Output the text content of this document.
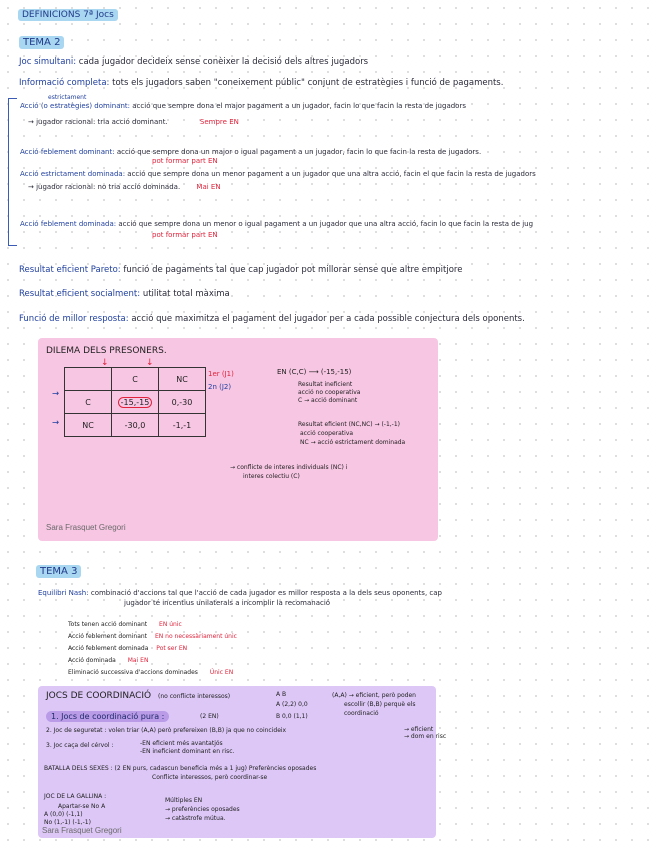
DEFINICIONS 7ª Jocs
TEMA 2
Joc simultani: cada jugador decideix sense conèixer la decisió dels altres jugadors
Informació completa: tots els jugadors saben "coneixement públic" conjunt de estratègies i funció de pagaments.
estrictament
Acció (o estratègies) dominant: acció que sempre dona el major pagament a un jugador, facin lo que facin la resta de jugadors
→ jugador racional: tria acció dominant.	Sempre EN
Acció feblement dominant: acció que sempre dona un major o igual pagament a un jugador, facin lo que facin la resta de jugadors.
pot formar part EN
Acció estrictament dominada: acció que sempre dona un menor pagament a un jugador que una altra acció, facin el que facin la resta de jugadors
→ jugador racional: no tria acció dominada. Mai EN
Acció feblement dominada: acció que sempre dona un menor o igual pagament a un jugador que una altra acció, facin lo que facin la resta de jug
pot formar part EN
Resultat eficient Pareto: funció de pagaments tal que cap jugador pot millorar sense que altre empitjore
Resultat eficient socialment: utilitat total màxima
Funció de millor resposta: acció que maximitza el pagament del jugador per a cada possible conjectura dels oponents.
DILEMA DELS PRESONERS.
↓	↓
	C	NC
C	-15,-15	0,-30
NC	-30,0	-1,-1
→
→
1er (J1)
2n (J2)
EN (C,C) ⟶ (-15,-15)
Resultat ineficient
acció no cooperativa
C → acció dominant
Resultat eficient (NC,NC) → (-1,-1)
acció cooperativa
NC → acció estrictament dominada
→ conflicte de interes individuals (NC) i
interes colectiu (C)
Sara Frasquet Gregori
TEMA 3
Equilibri Nash: combinació d'accions tal que l'acció de cada jugador es millor resposta a la dels seus oponents, cap
jugador té incentius unilaterals a incomplir la recomanació
Tots tenen acció dominant EN únic
Acció feblement dominant EN no necessàriament únic
Acció feblement dominada Pot ser EN
Acció dominada Mai EN
Eliminació successiva d'accions dominades Únic EN
JOCS DE COORDINACIÓ (no conflicte interessos)	A B
A (2,2) 0,0
B 0,0 (1,1)
(A,A) → eficient, però poden
escollir (B,B) perquè els
coordinació
1. Jocs de coordinació pura :	(2 EN)
2. Joc de seguretat : volen triar (A,A) però prefereixen (B,B) ja que no coincideix	→ eficient
→ dom en risc
3. Joc caça del cérvol :	-EN eficient més avantatjós
-EN ineficient dominant en risc.
BATALLA DELS SEXES : (2 EN purs, cadascun beneficia més a 1 jug) Preferències oposades
Conflicte interessos, però coordinar-se
JOC DE LA GALLINA :
Apartar-se No A
A (0,0) (-1,1)
No (1,-1) (-1,-1)
Múltiples EN
→ preferències oposades
→ catàstrofe mútua.
Sara Frasquet Gregori
